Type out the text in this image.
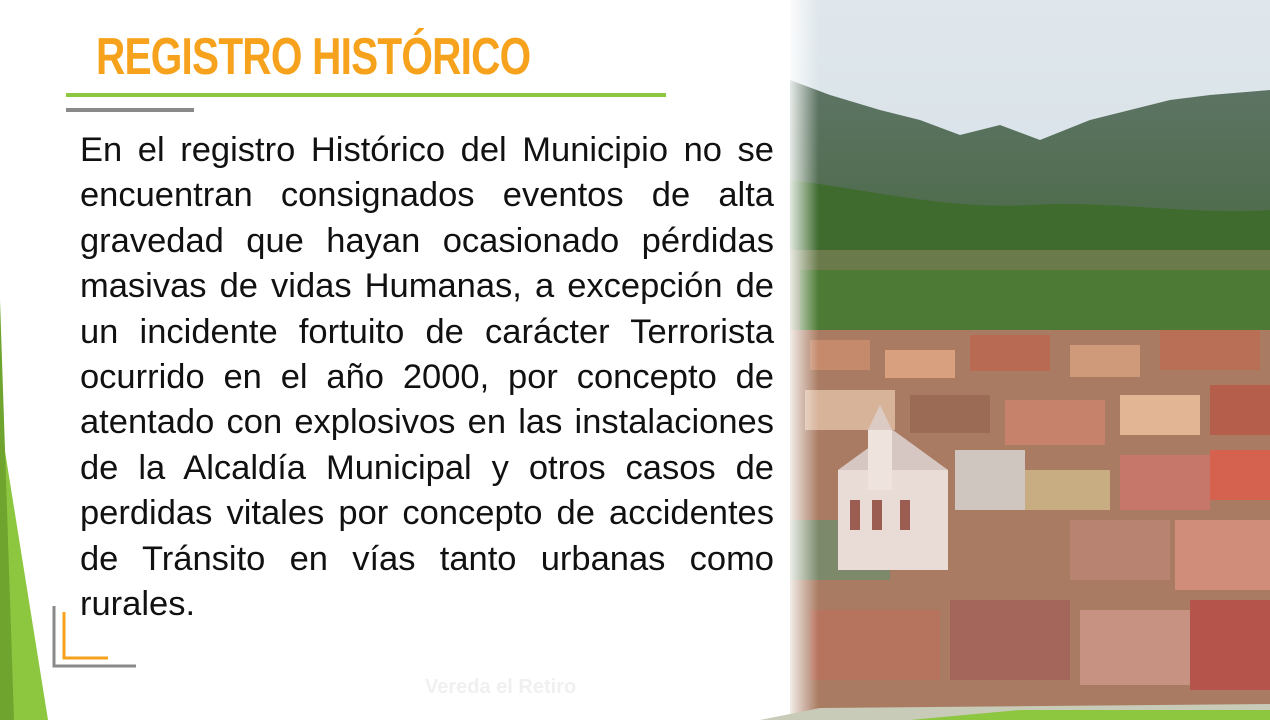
REGISTRO HISTÓRICO
En el registro Histórico del Municipio no se encuentran consignados eventos de alta gravedad que hayan ocasionado pérdidas masivas de vidas Humanas, a excepción de un incidente fortuito de carácter Terrorista ocurrido en el año 2000, por concepto de atentado con explosivos en las instalaciones de la Alcaldía Municipal y otros casos de perdidas vitales por concepto de accidentes de Tránsito en vías tanto urbanas como rurales.
Vereda el Retiro
